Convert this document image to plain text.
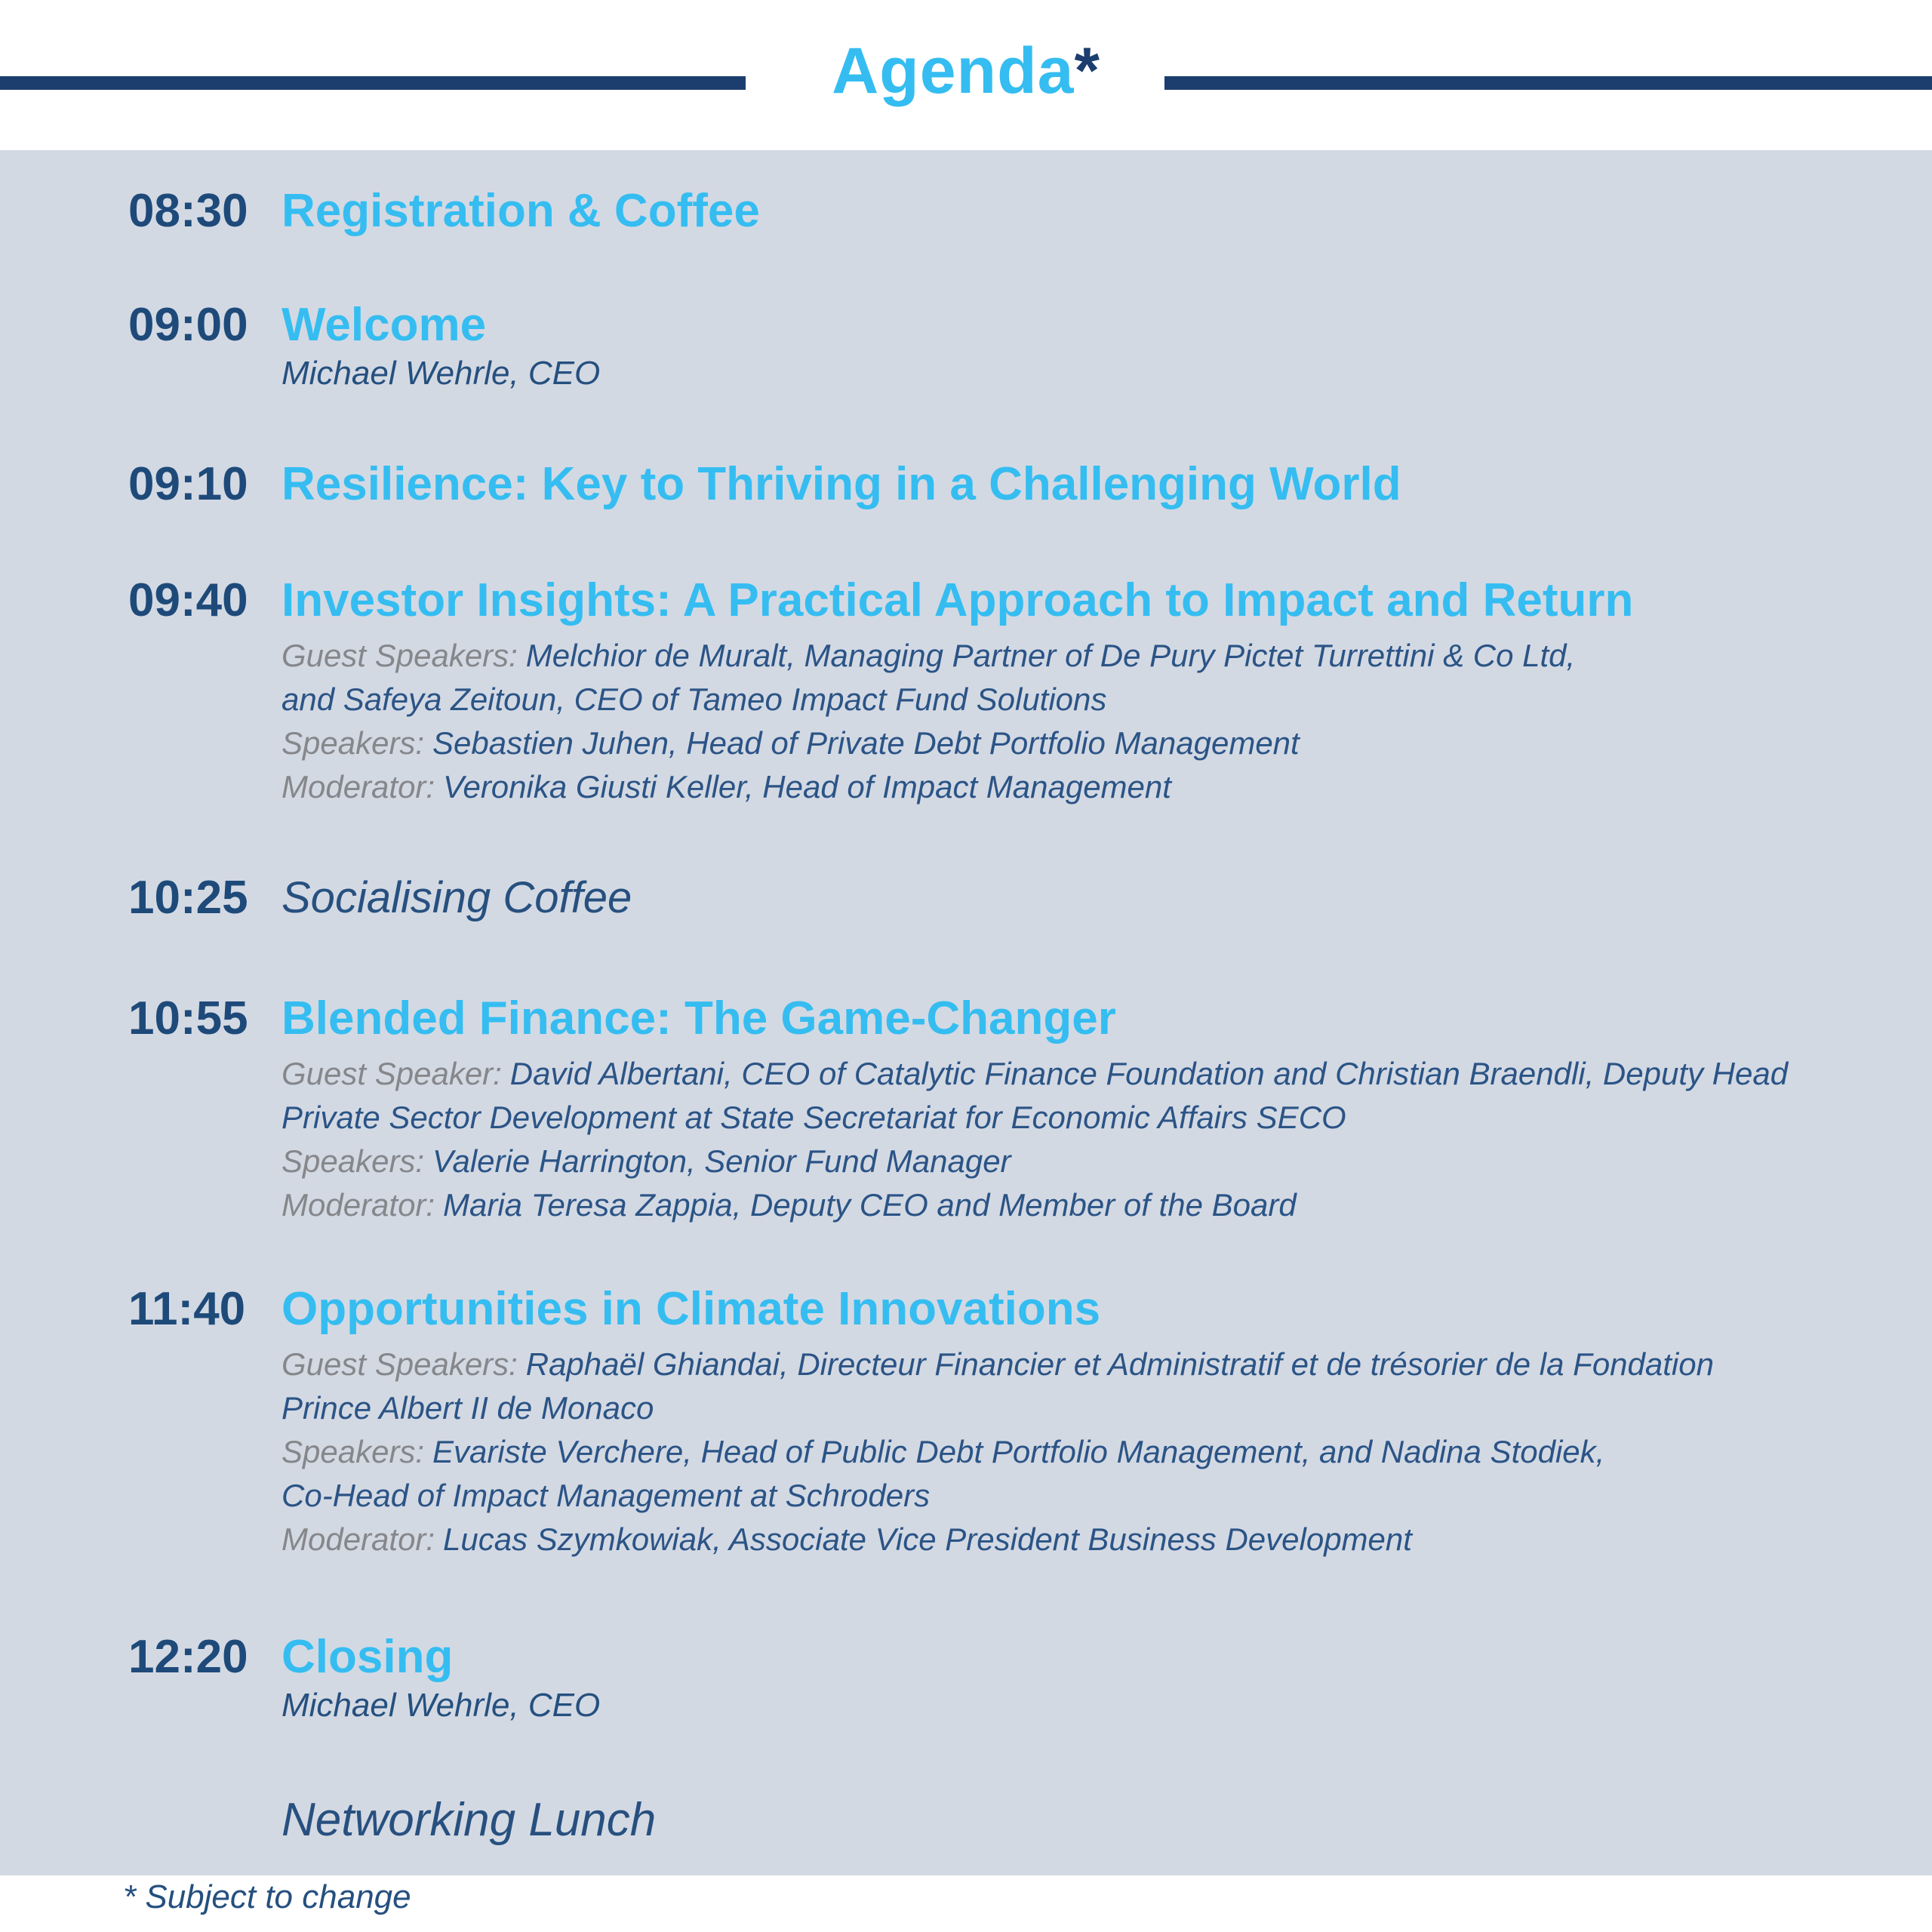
Agenda*
08:30 Registration & Coffee
09:00 Welcome
Michael Wehrle, CEO
09:10 Resilience: Key to Thriving in a Challenging World
09:40 Investor Insights: A Practical Approach to Impact and Return
Guest Speakers: Melchior de Muralt, Managing Partner of De Pury Pictet Turrettini & Co Ltd,
and Safeya Zeitoun, CEO of Tameo Impact Fund Solutions
Speakers: Sebastien Juhen, Head of Private Debt Portfolio Management
Moderator: Veronika Giusti Keller, Head of Impact Management
10:25 Socialising Coffee
10:55 Blended Finance: The Game-Changer
Guest Speaker: David Albertani, CEO of Catalytic Finance Foundation and Christian Braendli, Deputy Head
Private Sector Development at State Secretariat for Economic Affairs SECO
Speakers: Valerie Harrington, Senior Fund Manager
Moderator: Maria Teresa Zappia, Deputy CEO and Member of the Board
11:40 Opportunities in Climate Innovations
Guest Speakers: Raphaël Ghiandai, Directeur Financier et Administratif et de trésorier de la Fondation
Prince Albert II de Monaco
Speakers: Evariste Verchere, Head of Public Debt Portfolio Management, and Nadina Stodiek,
Co-Head of Impact Management at Schroders
Moderator: Lucas Szymkowiak, Associate Vice President Business Development
12:20 Closing
Michael Wehrle, CEO
Networking Lunch
* Subject to change
